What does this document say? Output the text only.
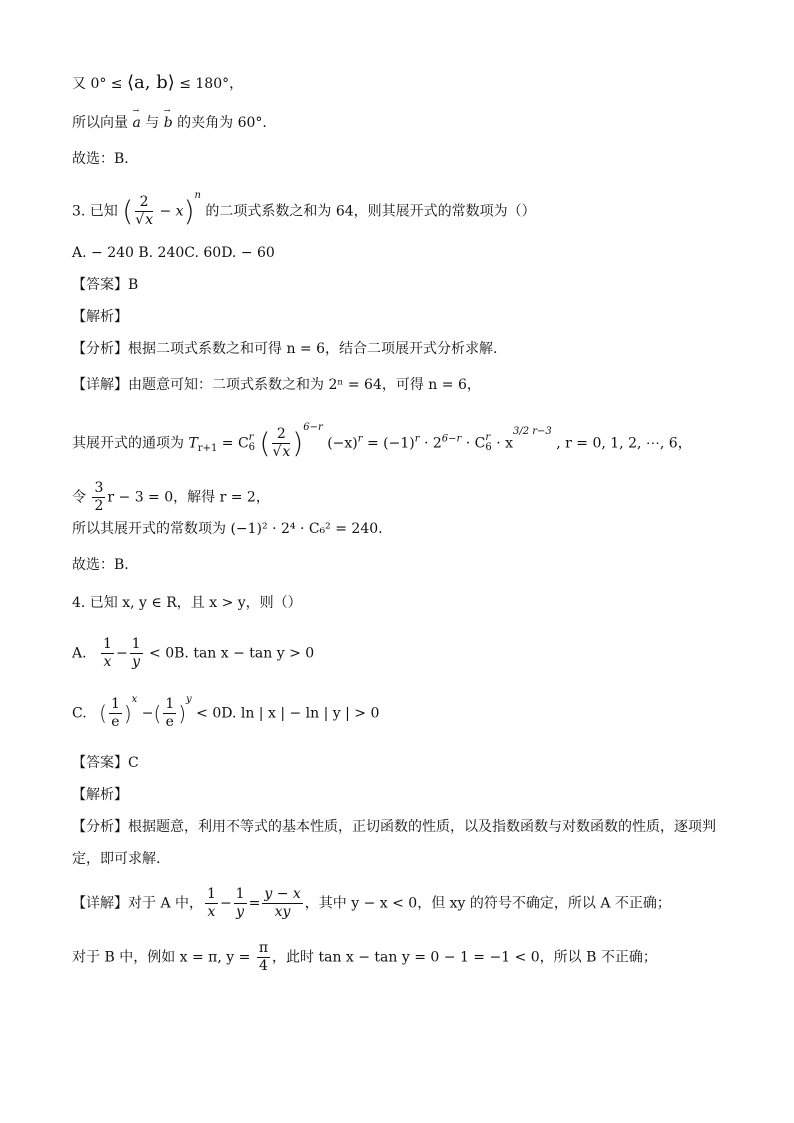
又 0° ≤ ⟨a, b⟩ ≤ 180°，
所以向量 → a 与 → b 的夹角为 60°.
故选：B.
3. 已知 ( $\frac{2}{√x} - x)^n$ 的二项式系数之和为 64，则其展开式的常数项为（）
A. − 240 B. 240C. 60D. − 60
【答案】B
【解析】
【分析】根据二项式系数之和可得 n = 6，结合二项展开式分析求解.
【详解】由题意可知：二项式系数之和为 2ⁿ = 64，可得 n = 6，
其展开式的通项为 $T_{r+1} = C$ r
6 ( $\frac{2}{√x} )^{6-r}$ $(-x)^r = (-1)^r \cdot 2^{6-r} \cdot C$ r
$6 \cdot x^{3/2 r-3}$ , r = 0, 1, 2, ⋯, 6，
令 $\frac{3}{2}$ r − 3 = 0，解得 r = 2，
所以其展开式的常数项为 (−1)² · 2⁴ · C₆² = 240.
故选：B.
4. 已知 x, y ∈ R，且 x > y，则（）
A. $\frac{1}{x} - \frac{1}{y} < 0B$. tan x − tan y > 0
C. ( $\frac{1}{e} )^x$ −( $\frac{1}{e} )^y < 0D$. ln | x | − ln | y | > 0
【答案】C
【解析】
【分析】根据题意，利用不等式的基本性质，正切函数的性质，以及指数函数与对数函数的性质，逐项判
定，即可求解.
【详解】对于 A 中， $\frac{1}{x} - \frac{1}{y} = \frac{y - x}{xy}$ ，其中 y − x < 0，但 xy 的符号不确定，所以 A 不正确；
对于 B 中，例如 x = π, $y = \frac{\pi}{4}$ ，此时 tan x − tan y = 0 − 1 = −1 < 0，所以 B 不正确；
